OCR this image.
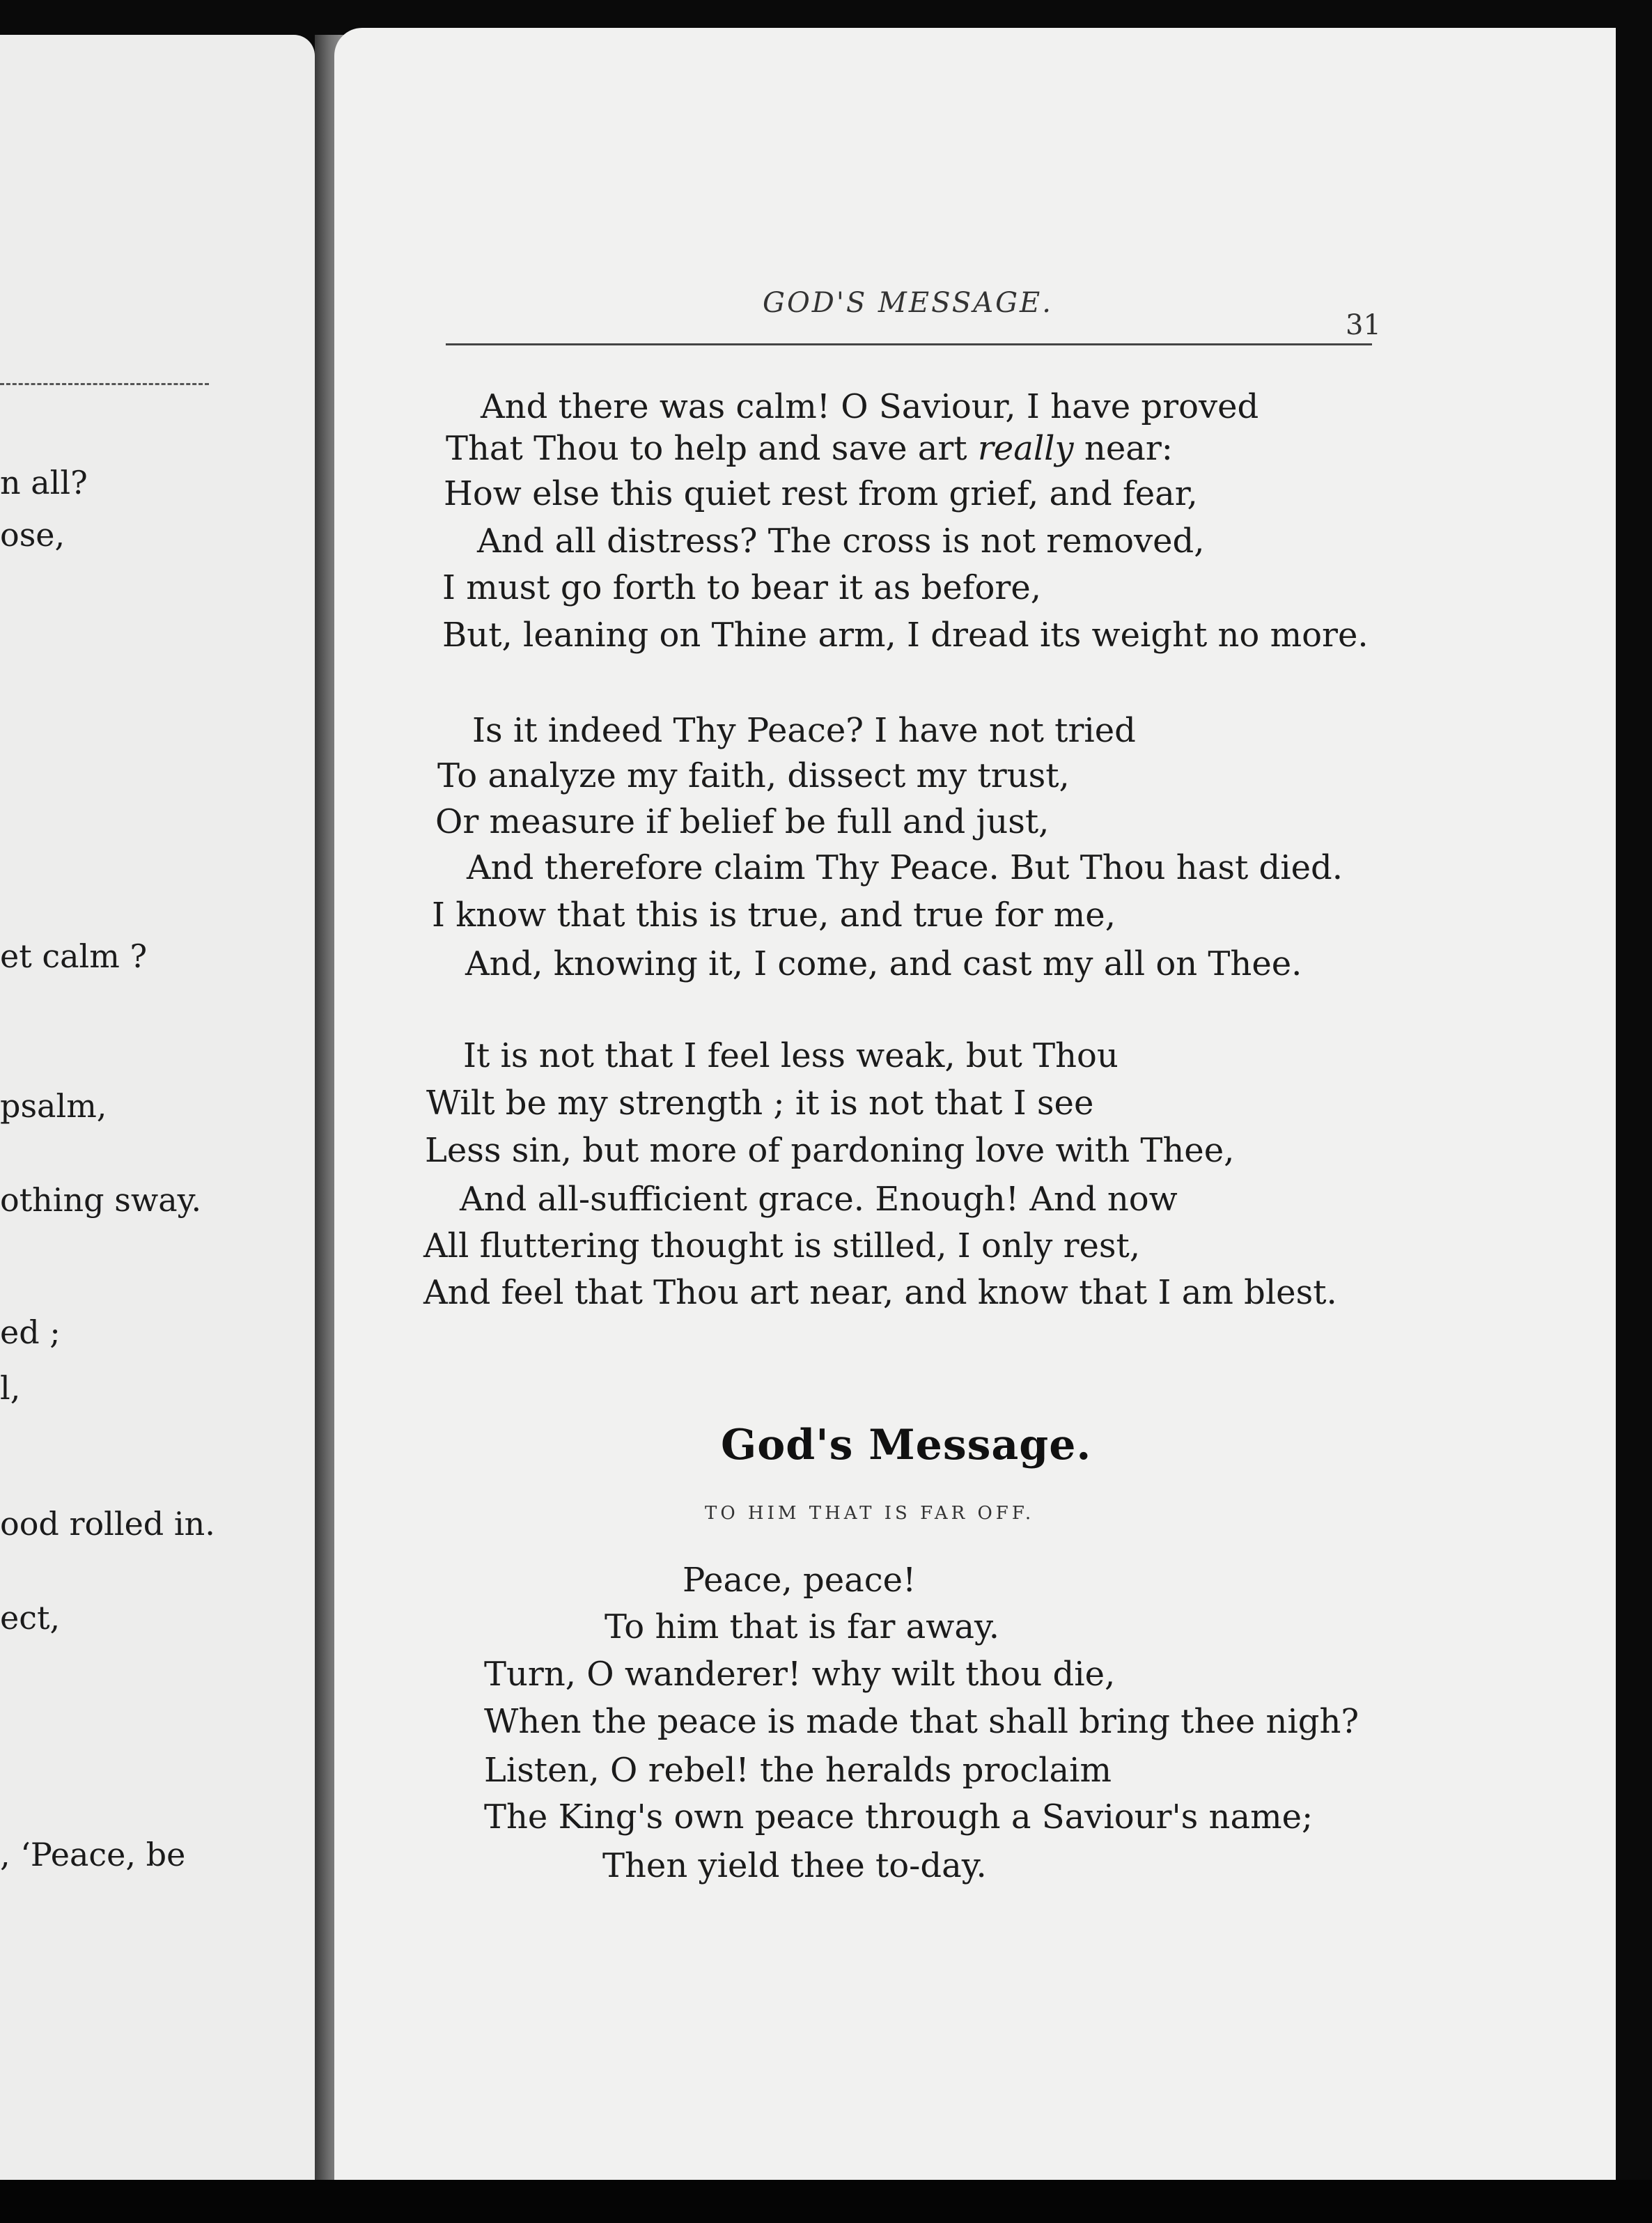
n all?
ose,
et calm ?
psalm,
othing sway.
ed ;
l,
ood rolled in.
ect,
, ‘Peace, be
GOD'S MESSAGE.
31
And there was calm! O Saviour, I have proved
That Thou to help and save art really near:
How else this quiet rest from grief, and fear,
And all distress? The cross is not removed,
I must go forth to bear it as before,
But, leaning on Thine arm, I dread its weight no more.
Is it indeed Thy Peace? I have not tried
To analyze my faith, dissect my trust,
Or measure if belief be full and just,
And therefore claim Thy Peace. But Thou hast died.
I know that this is true, and true for me,
And, knowing it, I come, and cast my all on Thee.
It is not that I feel less weak, but Thou
Wilt be my strength ; it is not that I see
Less sin, but more of pardoning love with Thee,
And all-sufficient grace. Enough! And now
All fluttering thought is stilled, I only rest,
And feel that Thou art near, and know that I am blest.
God's Message.
TO HIM THAT IS FAR OFF.
Peace, peace!
To him that is far away.
Turn, O wanderer! why wilt thou die,
When the peace is made that shall bring thee nigh?
Listen, O rebel! the heralds proclaim
The King's own peace through a Saviour's name;
Then yield thee to-day.
